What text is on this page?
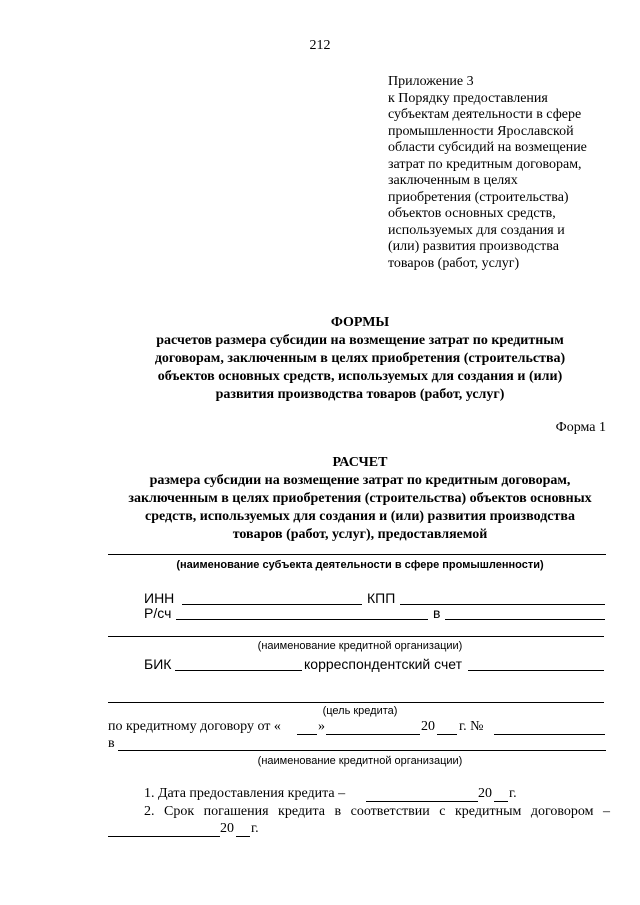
212
Приложение 3
к Порядку предоставления
субъектам деятельности в сфере
промышленности Ярославской
области субсидий на возмещение
затрат по кредитным договорам,
заключенным в целях
приобретения (строительства)
объектов основных средств,
используемых для создания и
(или) развития производства
товаров (работ, услуг)
ФОРМЫ
расчетов размера субсидии на возмещение затрат по кредитным
договорам, заключенным в целях приобретения (строительства)
объектов основных средств, используемых для создания и (или)
развития производства товаров (работ, услуг)
Форма 1
РАСЧЕТ
размера субсидии на возмещение затрат по кредитным договорам,
заключенным в целях приобретения (строительства) объектов основных
средств, используемых для создания и (или) развития производства
товаров (работ, услуг), предоставляемой
(наименование субъекта деятельности в сфере промышленности)
ИНН	КПП
Р/сч	в
(наименование кредитной организации)
БИК	корреспондентский счет
(цель кредита)
по кредитному договору от «	»	20 г. №
в
(наименование кредитной организации)
1. Дата предоставления кредита –	20 г.
2. Срок погашения кредита в соответствии с кредитным договором –
20 г.
